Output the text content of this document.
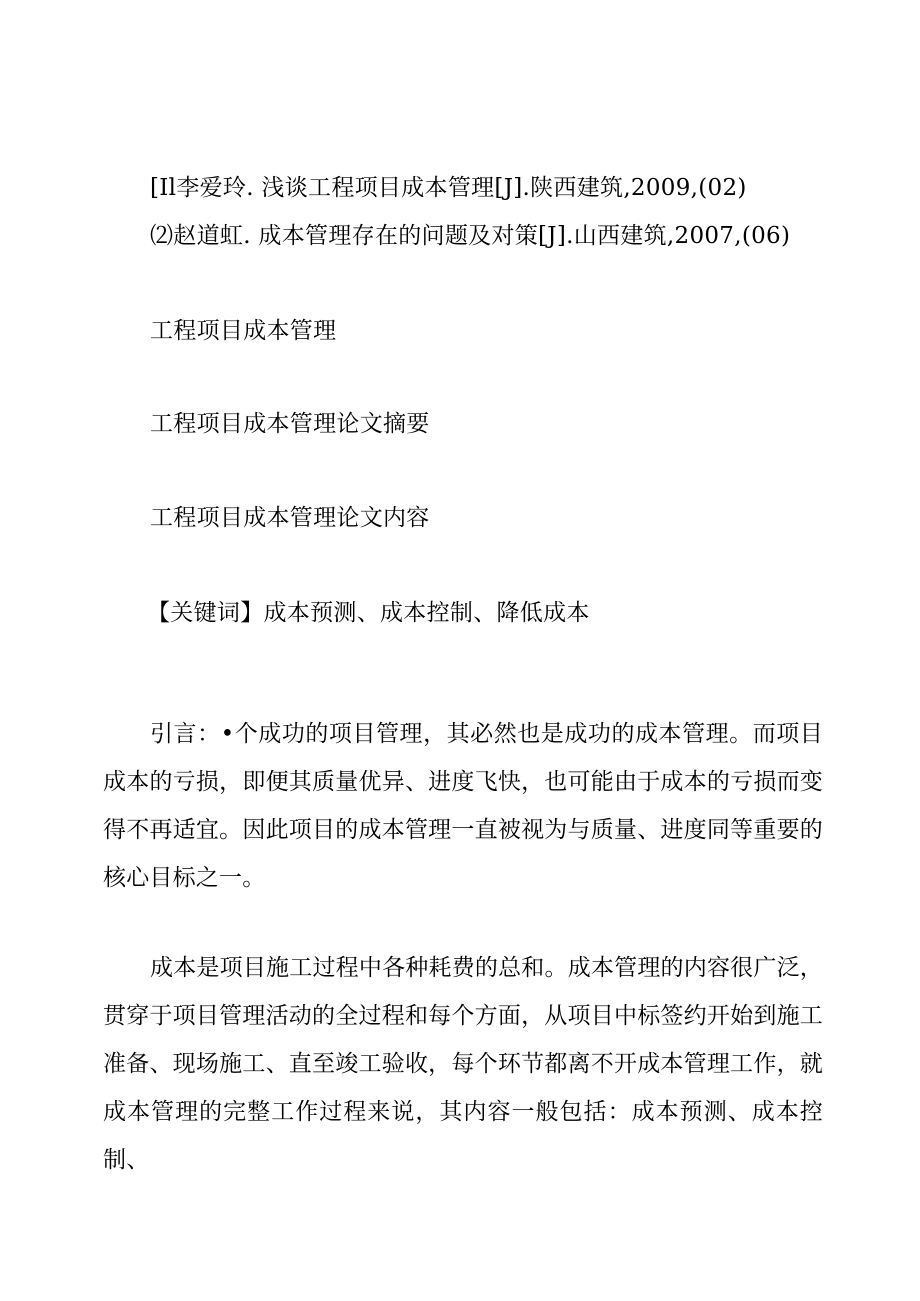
[Il李爱玲. 浅谈工程项目成本管理[J].陕西建筑,2009,(02)
⑵赵道虹. 成本管理存在的问题及对策[J].山西建筑,2007,(06)
工程项目成本管理
工程项目成本管理论文摘要
工程项目成本管理论文内容
【关键词】成本预测、成本控制、降低成本

引言：•个成功的项目管理，其必然也是成功的成本管理。而项目成本的亏损，即便其质量优异、进度飞快，也可能由于成本的亏损而变得不再适宜。因此项目的成本管理一直被视为与质量、进度同等重要的核心目标之一。

成本是项目施工过程中各种耗费的总和。成本管理的内容很广泛，贯穿于项目管理活动的全过程和每个方面，从项目中标签约开始到施工准备、现场施工、直至竣工验收，每个环节都离不开成本管理工作，就成本管理的完整工作过程来说，其内容一般包括：成本预测、成本控制、
